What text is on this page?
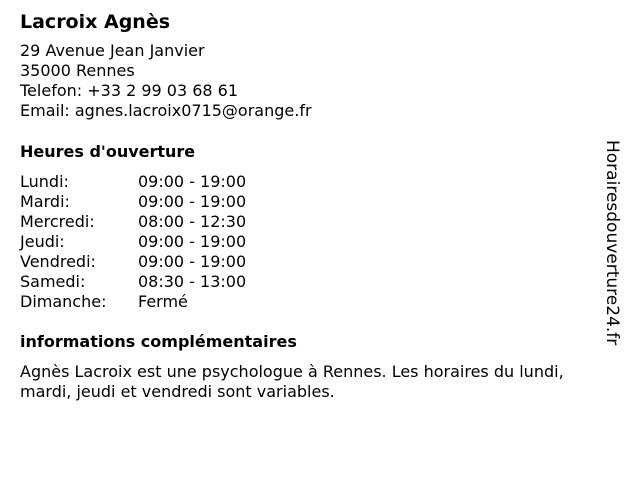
Lacroix Agnès
29 Avenue Jean Janvier
35000 Rennes
Telefon: +33 2 99 03 68 61
Email: agnes.lacroix0715@orange.fr
Heures d'ouverture
Lundi:	09:00 - 19:00
Mardi:	09:00 - 19:00
Mercredi:	08:00 - 12:30
Jeudi:	09:00 - 19:00
Vendredi:	09:00 - 19:00
Samedi:	08:30 - 13:00
Dimanche:	Fermé
informations complémentaires
Agnès Lacroix est une psychologue à Rennes. Les horaires du lundi,
mardi, jeudi et vendredi sont variables.
Horairesdouverture24.fr
